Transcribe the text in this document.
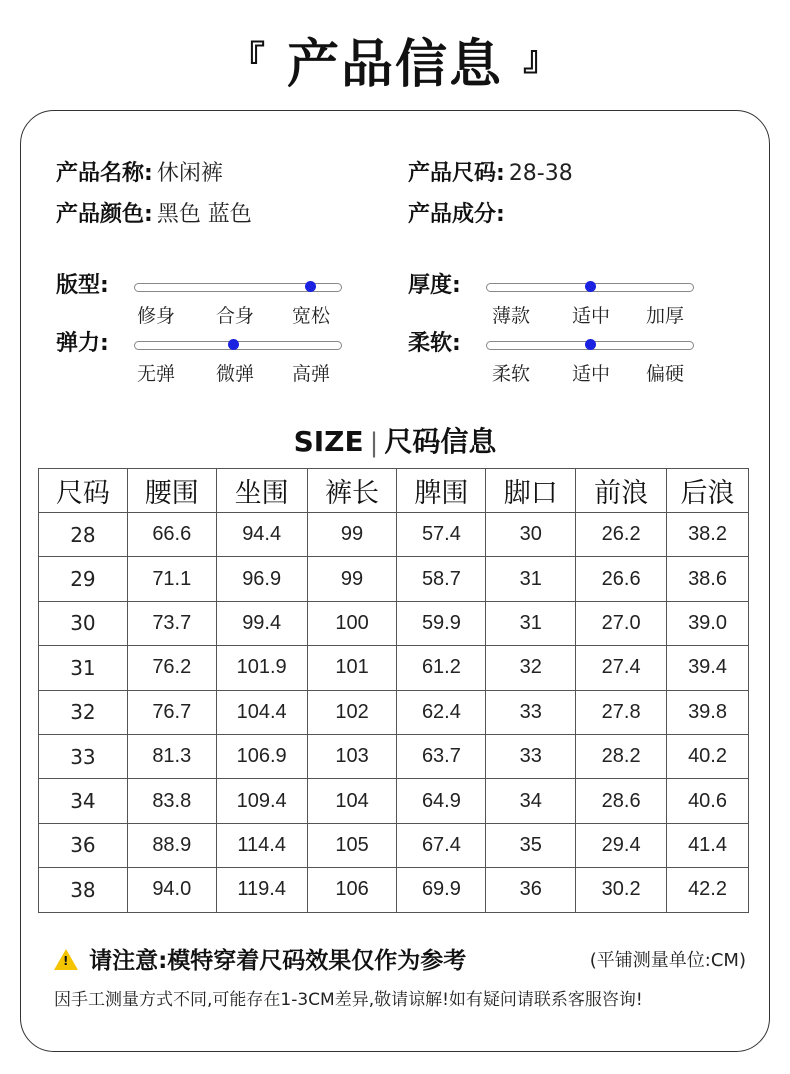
『 产品信息 』
产品名称: 休闲裤	产品尺码: 28-38
产品颜色: 黑色 蓝色	产品成分:
版型:
修身 合身 宽松
厚度:
薄款 适中 加厚
弹力:
无弹 微弹 高弹
柔软:
柔软 适中 偏硬
SIZE | 尺码信息
尺码	腰围	坐围	裤长	脾围	脚口	前浪	后浪
28	66.6	94.4	99	57.4	30	26.2	38.2
29	71.1	96.9	99	58.7	31	26.6	38.6
30	73.7	99.4	100	59.9	31	27.0	39.0
31	76.2	101.9	101	61.2	32	27.4	39.4
32	76.7	104.4	102	62.4	33	27.8	39.8
33	81.3	106.9	103	63.7	33	28.2	40.2
34	83.8	109.4	104	64.9	34	28.6	40.6
36	88.9	114.4	105	67.4	35	29.4	41.4
38	94.0	119.4	106	69.9	36	30.2	42.2
! 请注意:模特穿着尺码效果仅作为参考	(平铺测量单位:CM)
因手工测量方式不同,可能存在1-3CM差异,敬请谅解!如有疑问请联系客服咨询!
